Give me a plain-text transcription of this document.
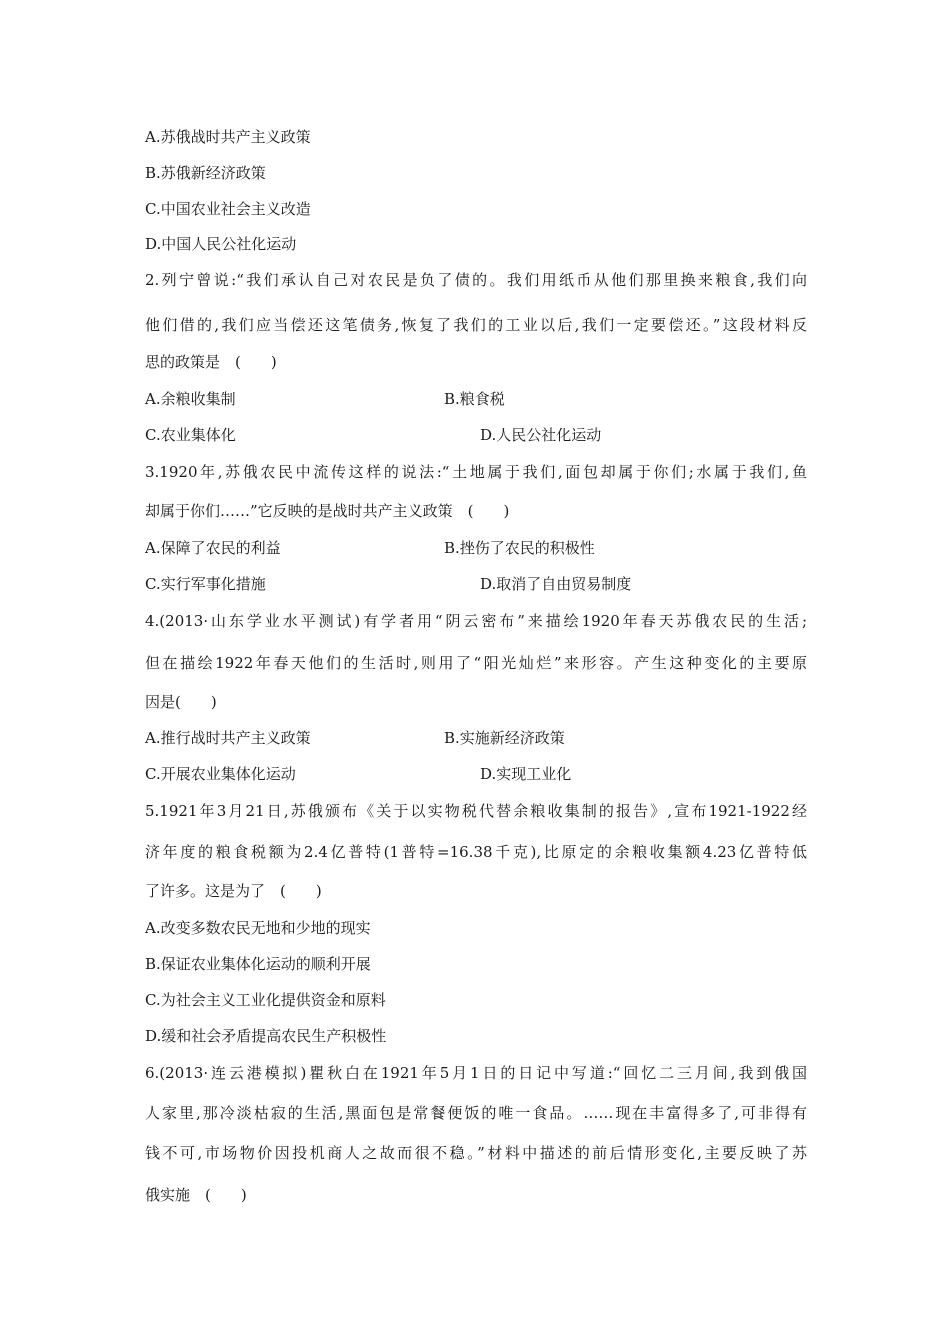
A.苏俄战时共产主义政策
B.苏俄新经济政策
C.中国农业社会主义改造
D.中国人民公社化运动
2.列宁曾说:“我们承认自己对农民是负了债的。我们用纸币从他们那里换来粮食,我们向
他们借的,我们应当偿还这笔债务,恢复了我们的工业以后,我们一定要偿还。”这段材料反
思的政策是　(　　)
A.余粮收集制	B.粮食税
C.农业集体化	D.人民公社化运动
3.1920年,苏俄农民中流传这样的说法:“土地属于我们,面包却属于你们;水属于我们,鱼
却属于你们……”它反映的是战时共产主义政策　(　　)
A.保障了农民的利益	B.挫伤了农民的积极性
C.实行军事化措施	D.取消了自由贸易制度
4.(2013·山东学业水平测试)有学者用“阴云密布”来描绘1920年春天苏俄农民的生活;
但在描绘1922年春天他们的生活时,则用了“阳光灿烂”来形容。产生这种变化的主要原
因是(　　)
A.推行战时共产主义政策	B.实施新经济政策
C.开展农业集体化运动	D.实现工业化
5.1921年3月21日,苏俄颁布《关于以实物税代替余粮收集制的报告》,宣布1921-1922经
济年度的粮食税额为2.4亿普特(1普特=16.38千克),比原定的余粮收集额4.23亿普特低
了许多。这是为了　(　　)
A.改变多数农民无地和少地的现实
B.保证农业集体化运动的顺利开展
C.为社会主义工业化提供资金和原料
D.缓和社会矛盾提高农民生产积极性
6.(2013·连云港模拟)瞿秋白在1921年5月1日的日记中写道:“回忆二三月间,我到俄国
人家里,那冷淡枯寂的生活,黑面包是常餐便饭的唯一食品。……现在丰富得多了,可非得有
钱不可,市场物价因投机商人之故而很不稳。”材料中描述的前后情形变化,主要反映了苏
俄实施　(　　)
